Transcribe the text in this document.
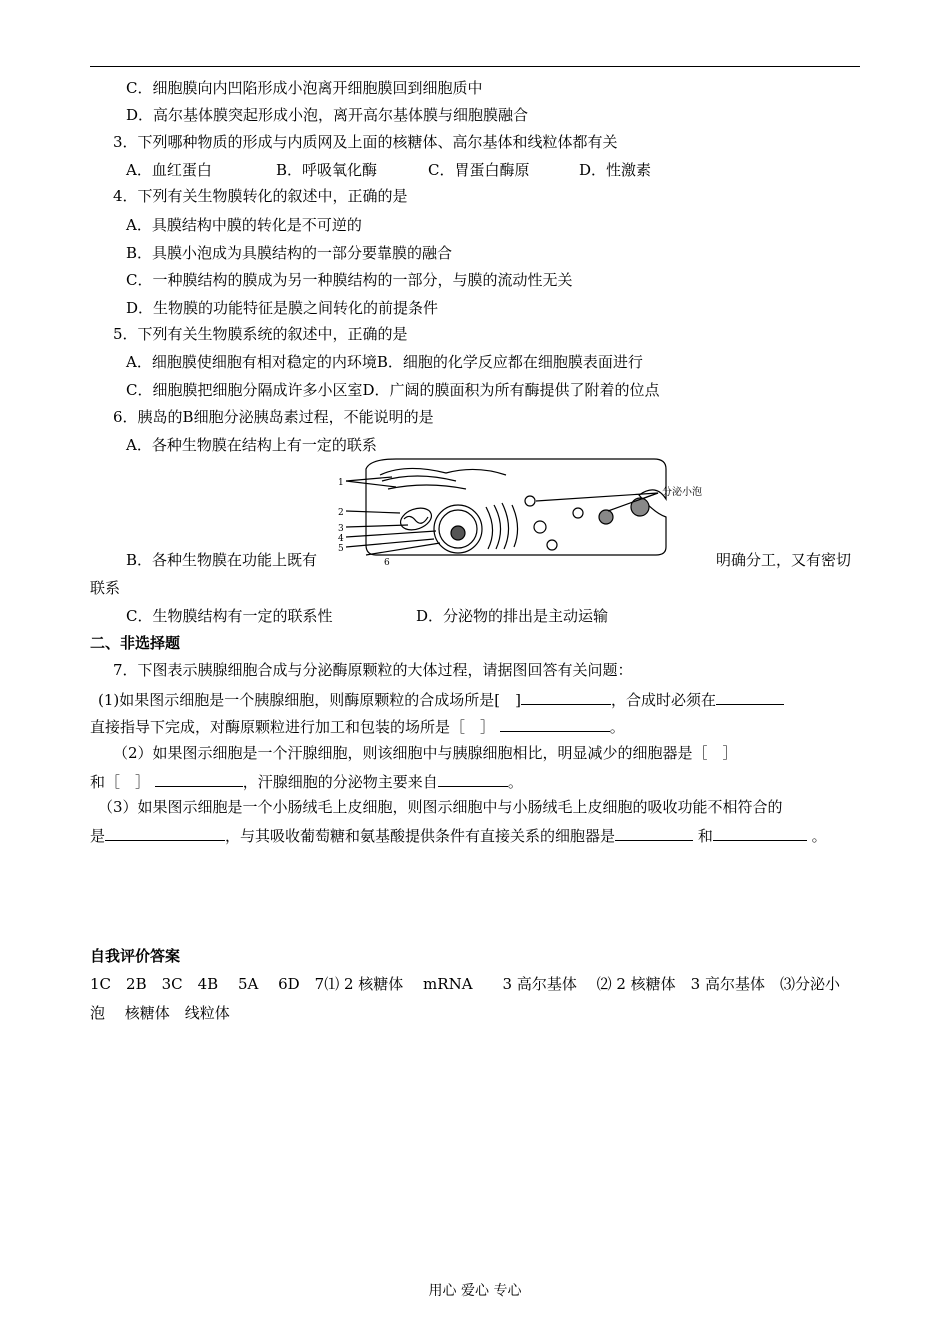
C．细胞膜向内凹陷形成小泡离开细胞膜回到细胞质中
D．高尔基体膜突起形成小泡，离开高尔基体膜与细胞膜融合
3．下列哪种物质的形成与内质网及上面的核糖体、高尔基体和线粒体都有关
A．血红蛋白	B．呼吸氧化酶	C．胃蛋白酶原	D．性激素
4．下列有关生物膜转化的叙述中，正确的是
A．具膜结构中膜的转化是不可逆的
B．具膜小泡成为具膜结构的一部分要靠膜的融合
C．一种膜结构的膜成为另一种膜结构的一部分，与膜的流动性无关
D．生物膜的功能特征是膜之间转化的前提条件
5．下列有关生物膜系统的叙述中，正确的是
A．细胞膜使细胞有相对稳定的内环境B．细胞的化学反应都在细胞膜表面进行
C．细胞膜把细胞分隔成许多小区室D．广阔的膜面积为所有酶提供了附着的位点
6．胰岛的B细胞分泌胰岛素过程，不能说明的是
A．各种生物膜在结构上有一定的联系
1
2
3
4
5
6
分泌小泡
B．各种生物膜在功能上既有	明确分工，又有密切
联系
C．生物膜结构有一定的联系性	D．分泌物的排出是主动运输
二、非选择题
7．下图表示胰腺细胞合成与分泌酶原颗粒的大体过程，请据图回答有关问题：
(1)如果图示细胞是一个胰腺细胞，则酶原颗粒的合成场所是[　]	，合成时必须在
直接指导下完成，对酶原颗粒进行加工和包装的场所是［　］	。
（2）如果图示细胞是一个汗腺细胞，则该细胞中与胰腺细胞相比，明显减少的细胞器是［　］
和［　］	，汗腺细胞的分泌物主要来自	。
（3）如果图示细胞是一个小肠绒毛上皮细胞，则图示细胞中与小肠绒毛上皮细胞的吸收功能不相符合的
是	，与其吸收葡萄糖和氨基酸提供条件有直接关系的细胞器是	和	。
自我评价答案
1C　2B　3C　4B　 5A　 6D　7⑴ 2 核糖体　 mRNA　　3 高尔基体　 ⑵ 2 核糖体　3 高尔基体　⑶分泌小
泡　 核糖体　线粒体
用心 爱心 专心
